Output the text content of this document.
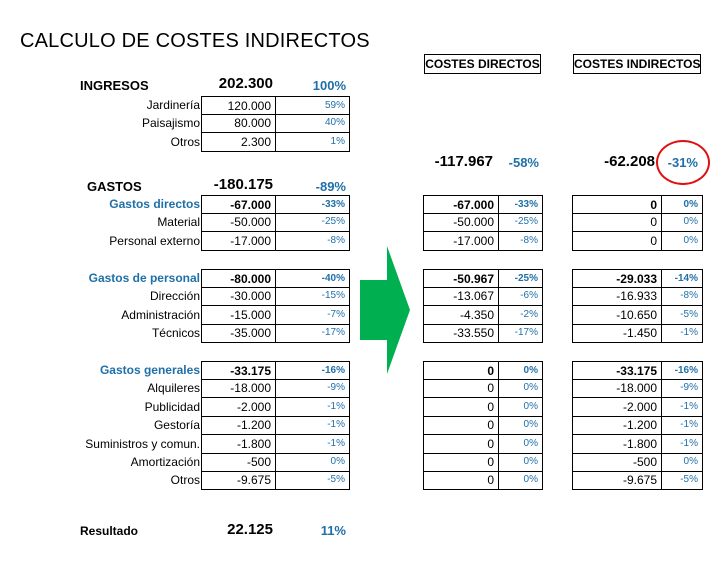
CALCULO DE COSTES INDIRECTOS
COSTES DIRECTOS	COSTES INDIRECTOS
INGRESOS	202.300	100%
Jardinería	120.000	59%
Paisajismo	80.000	40%
Otros	2.300	1%
-117.967	-58%	-62.208 -31%
GASTOS	-180.175	-89%
Gastos directos	-67.000	-33%	-67.000	-33%	0	0%
Material	-50.000	-25%	-50.000	-25%	0	0%
Personal externo	-17.000	-8%	-17.000	-8%	0	0%
Gastos de personal	-80.000	-40%	-50.967	-25%	-29.033	-14%
Dirección	-30.000	-15%	-13.067	-6%	-16.933	-8%
Administración	-15.000	-7%	-4.350	-2%	-10.650	-5%
Técnicos	-35.000	-17%	-33.550	-17%	-1.450	-1%
Gastos generales	-33.175	-16%	0	0%	-33.175	-16%
Alquileres	-18.000	-9%	0	0%	-18.000	-9%
Publicidad	-2.000	-1%	0	0%	-2.000	-1%
Gestoría	-1.200	-1%	0	0%	-1.200	-1%
Suministros y comun.	-1.800	-1%	0	0%	-1.800	-1%
Amortización	-500	0%	0	0%	-500	0%
Otros	-9.675	-5%	0	0%	-9.675	-5%
Resultado	22.125	11%
